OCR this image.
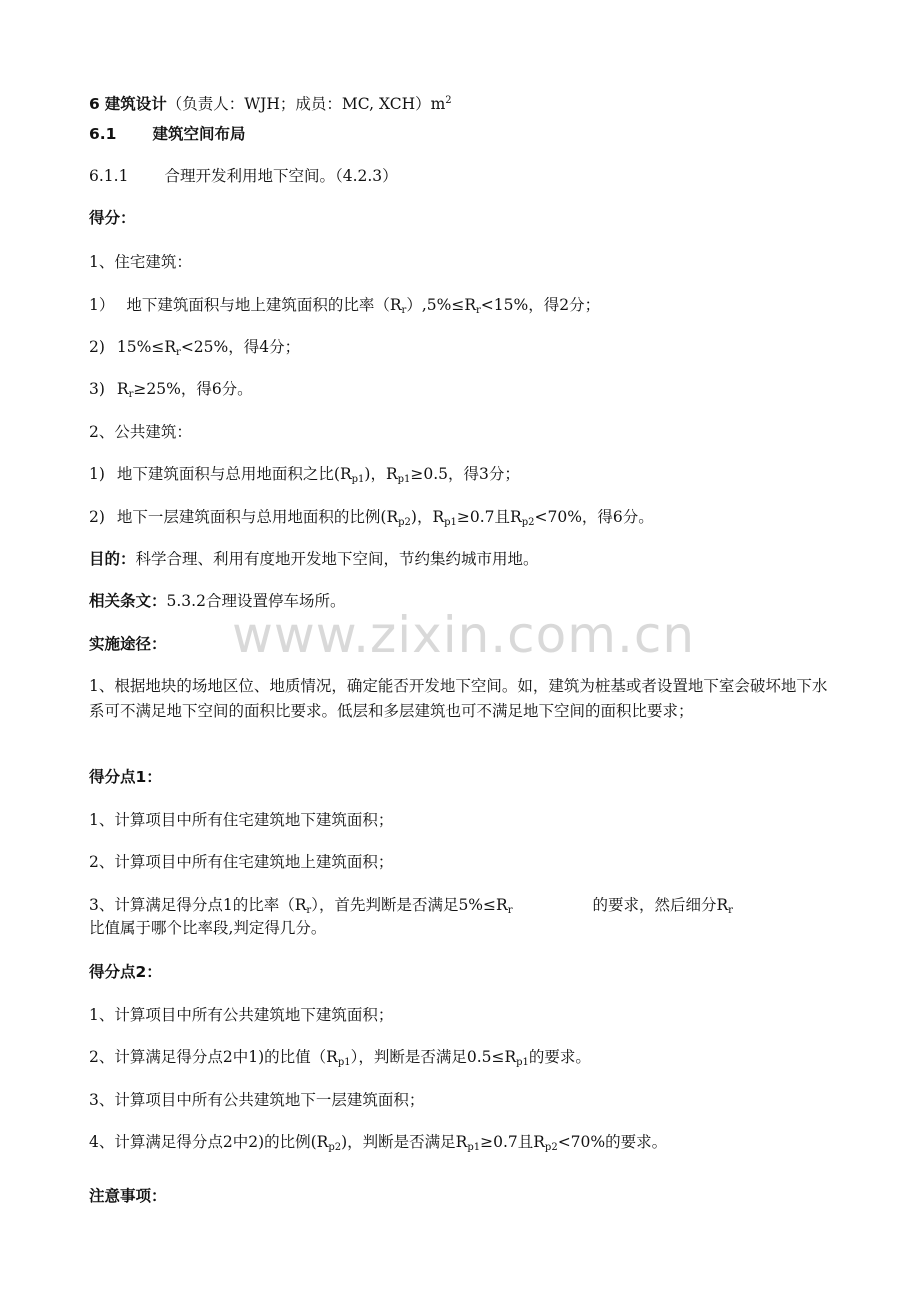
6 建筑设计（负责人：WJH；成员：MC, $XCH)m^2$
6.1 建筑空间布局
6.1.1 合理开发利用地下空间。（4.2.3）
得分：
1、住宅建筑：
1） 地下建筑面积与地上建筑面积的比率$(R_r),5\%\le R_r<15\%$，得2分；
2) $15\%\le R_r<25\%$，得4分；
3) $R_r\ge 25\%$，得6分。
2、公共建筑：
1) 地下建筑面积与总用地面积之比$(R_{p1})$，$R_{p1}\ge 0.5$，得3分；
2) 地下一层建筑面积与总用地面积的比例$(R_{p2})$，$R_{p1}\ge 0.7$且$R_{p2}<70\%$，得6分。
目的：科学合理、利用有度地开发地下空间，节约集约城市用地。
相关条文：5.3.2合理设置停车场所。
实施途径：
1、根据地块的场地区位、地质情况，确定能否开发地下空间。如，建筑为桩基或者设置地下室会破坏地下水系可不满足地下空间的面积比要求。低层和多层建筑也可不满足地下空间的面积比要求；
得分点1：
1、计算项目中所有住宅建筑地下建筑面积；
2、计算项目中所有住宅建筑地上建筑面积；
3、计算满足得分点1的比率$(R_r)$，首先判断是否满足$5\%\le R_r$	的要求，然后细分$R_r$
比值属于哪个比率段,判定得几分。
得分点2：
1、计算项目中所有公共建筑地下建筑面积；
2、计算满足得分点2中1)的比值$(R_{p1})$，判断是否满足$0.5\le R_{p1}$的要求。
3、计算项目中所有公共建筑地下一层建筑面积；
4、计算满足得分点2中2)的比例$(R_{p2})$，判断是否满足$R_{p1}\ge 0.7$且$R_{p2}<70\%$的要求。
注意事项：
www.zixin.com.cn
